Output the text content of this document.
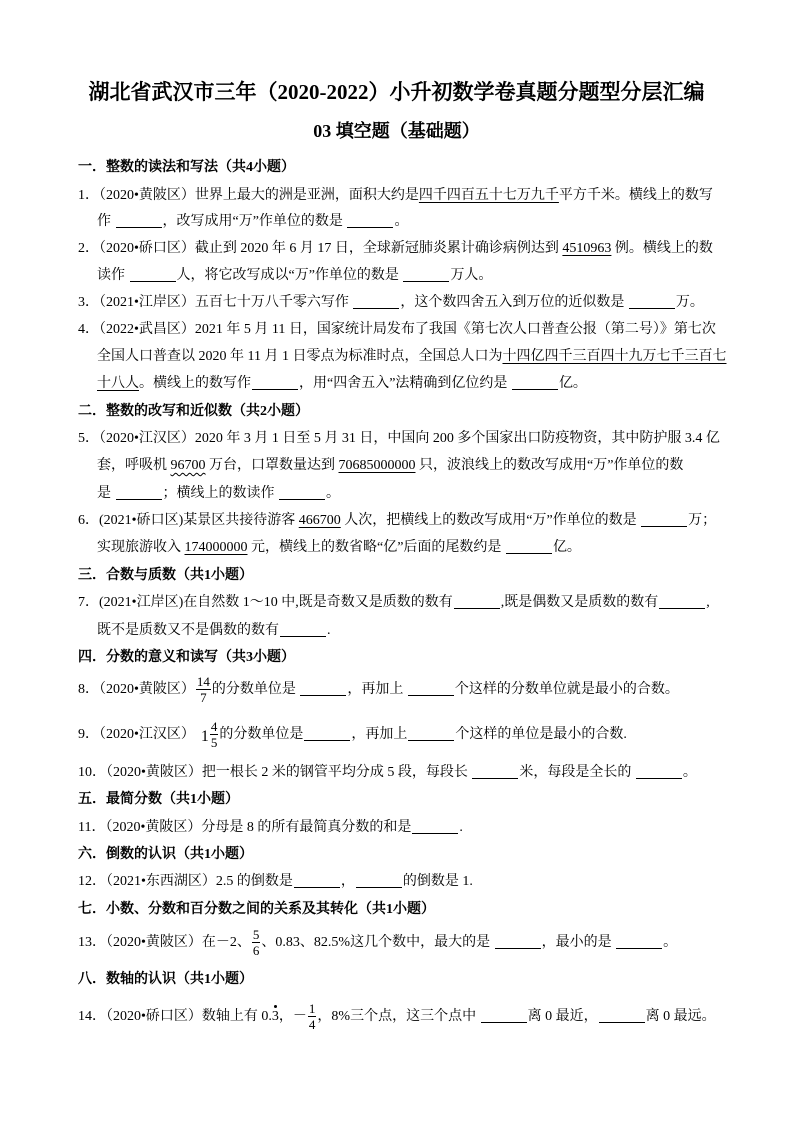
湖北省武汉市三年（2020-2022）小升初数学卷真题分题型分层汇编
03 填空题（基础题）
一．整数的读法和写法（共4小题）
1．（2020•黄陂区）世界上最大的洲是亚洲，面积大约是四千四百五十七万九千平方千米。横线上的数写
作	，改写成用“万”作单位的数是	。
2．（2020•硚口区）截止到 2020 年 6 月 17 日，全球新冠肺炎累计确诊病例达到 4510963 例。横线上的数
读作	人，将它改写成以“万”作单位的数是	万人。
3．（2021•江岸区）五百七十万八千零六写作	，这个数四舍五入到万位的近似数是	万。
4．（2022•武昌区）2021 年 5 月 11 日，国家统计局发布了我国《第七次人口普查公报（第二号）》第七次
全国人口普查以 2020 年 11 月 1 日零点为标准时点，全国总人口为十四亿四千三百四十九万七千三百七
十八人。横线上的数写作	，用“四舍五入”法精确到亿位约是	亿。
二．整数的改写和近似数（共2小题）
5．（2020•江汉区）2020 年 3 月 1 日至 5 月 31 日，中国向 200 多个国家出口防疫物资，其中防护服 3.4 亿
套，呼吸机 96700 万台，口罩数量达到 70685000000 只，波浪线上的数改写成用“万”作单位的数
是	；横线上的数读作	。
6．(2021•硚口区)某景区共接待游客 466700 人次，把横线上的数改写成用“万”作单位的数是	万；
实现旅游收入 174000000 元，横线上的数省略“亿”后面的尾数约是	亿。
三．合数与质数（共1小题）
7．(2021•江岸区)在自然数 1～10 中,既是奇数又是质数的数有	,既是偶数又是质数的数有	,
既不是质数又不是偶数的数有	.
四．分数的意义和读写（共3小题）
8．（2020•黄陂区） $\frac{14}{7}$ 的分数单位是	，再加上	个这样的分数单位就是最小的合数。
9．（2020•江汉区） $1 \frac{4}{5}$ 的分数单位是	，再加上	个这样的单位是最小的合数.
10．（2020•黄陂区）把一根长 2 米的钢管平均分成 5 段，每段长	米，每段是全长的	。
五．最简分数（共1小题）
11．（2020•黄陂区）分母是 8 的所有最简真分数的和是	.
六．倒数的认识（共1小题）
12．（2021•东西湖区）2.5 的倒数是	，	的倒数是 1.
七．小数、分数和百分数之间的关系及其转化（共1小题）
13．（2020•黄陂区）在－2、 $\frac{5}{6}$ 、0.83、82.5%这几个数中，最大的是	，最小的是	。
八．数轴的认识（共1小题）
14．（2020•硚口区）数轴上有 0.3，－ $\frac{1}{4}$ ，8%三个点，这三个点中	离 0 最近，	离 0 最远。
